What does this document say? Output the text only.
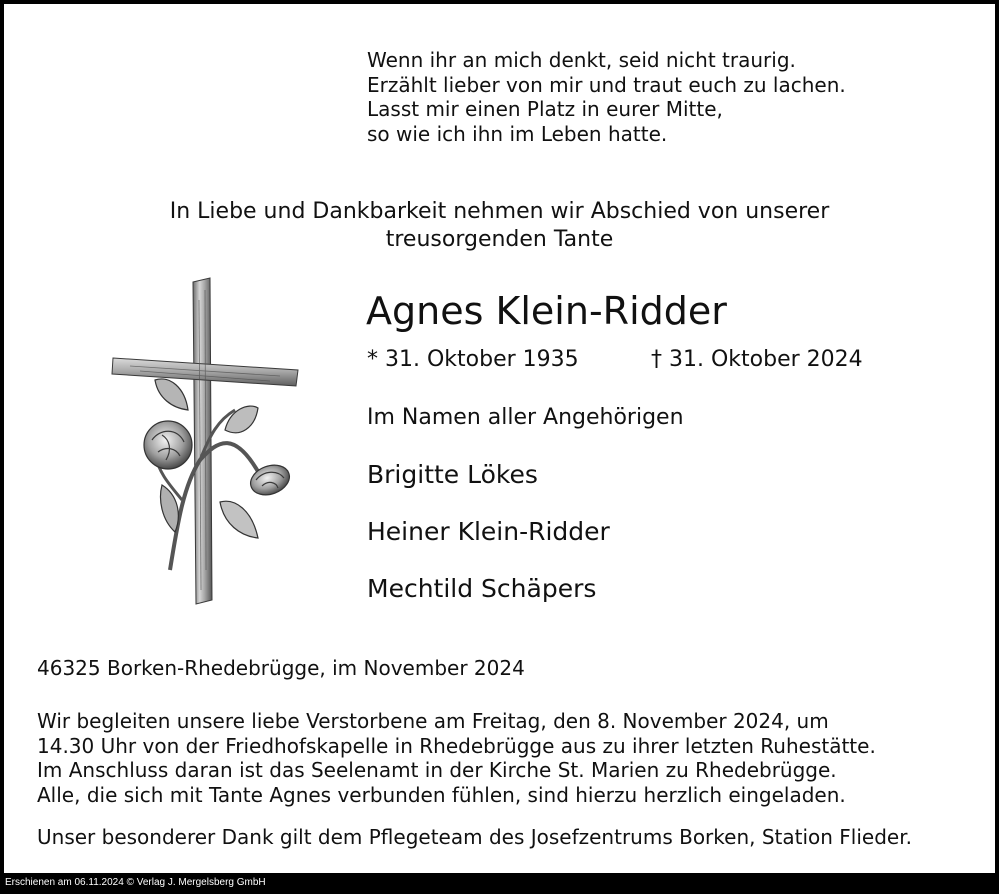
Wenn ihr an mich denkt, seid nicht traurig.
Erzählt lieber von mir und traut euch zu lachen.
Lasst mir einen Platz in eurer Mitte,
so wie ich ihn im Leben hatte.
In Liebe und Dankbarkeit nehmen wir Abschied von unserer
treusorgenden Tante
Agnes Klein-Ridder
* 31. Oktober 1935	† 31. Oktober 2024
Im Namen aller Angehörigen
Brigitte Lökes
Heiner Klein-Ridder
Mechtild Schäpers
46325 Borken-Rhedebrügge, im November 2024
Wir begleiten unsere liebe Verstorbene am Freitag, den 8. November 2024, um
14.30 Uhr von der Friedhofskapelle in Rhedebrügge aus zu ihrer letzten Ruhestätte.
Im Anschluss daran ist das Seelenamt in der Kirche St. Marien zu Rhedebrügge.
Alle, die sich mit Tante Agnes verbunden fühlen, sind hierzu herzlich eingeladen.
Unser besonderer Dank gilt dem Pflegeteam des Josefzentrums Borken, Station Flieder.
Erschienen am 06.11.2024 © Verlag J. Mergelsberg GmbH
